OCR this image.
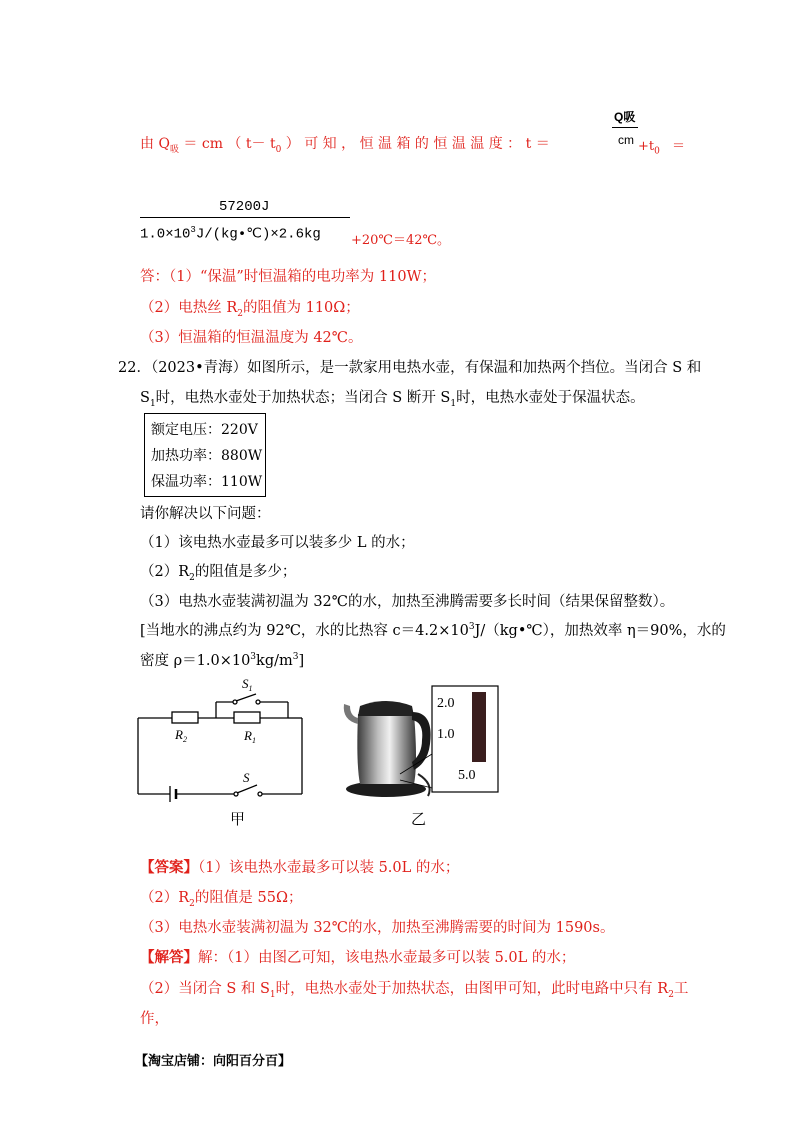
由 $Q_吸$ ＝ cm （ $t- t_0$ ） 可 知 ， 恒 温 箱 的 恒 温 温 度 ： t ＝
Q吸
cm $+t_0$ ＝
57200J
$1.0\times 10^3J/(kg•℃)\times 2.6kg$ +20℃＝42℃。
答：（1）“保温”时恒温箱的电功率为 110W；
（2）电热丝 $R_2$的阻值为 110Ω；
（3）恒温箱的恒温温度为 42℃。
22．（2023•青海）如图所示，是一款家用电热水壶，有保温和加热两个挡位。当闭合 S 和
$S_1$时，电热水壶处于加热状态；当闭合 S 断开 $S_1$时，电热水壶处于保温状态。
额定电压：220V
加热功率：880W
保温功率：110W
请你解决以下问题：
（1）该电热水壶最多可以装多少 L 的水；
$(2)R_2$的阻值是多少；
（3）电热水壶装满初温为 32℃的水，加热至沸腾需要多长时间（结果保留整数）。
[当地水的沸点约为 92℃，水的比热容 $c=4.2\times 10^3J/(kg•℃)$，加热效率 η＝90%，水的
密度 $\rho=1.0\times 10^3kg/m^3$]
$S_1$
S
$R_2$	$R_1$
甲
2.0
1.0
5.0
乙
【答案】（1）该电热水壶最多可以装 5.0L 的水；
$(2)R_2$的阻值是 55Ω；
（3）电热水壶装满初温为 32℃的水，加热至沸腾需要的时间为 1590s。
【解答】解：（1）由图乙可知，该电热水壶最多可以装 5.0L 的水；
（2）当闭合 S 和 $S_1$时，电热水壶处于加热状态，由图甲可知，此时电路中只有 $R_2$工
作，
【淘宝店铺：向阳百分百】
